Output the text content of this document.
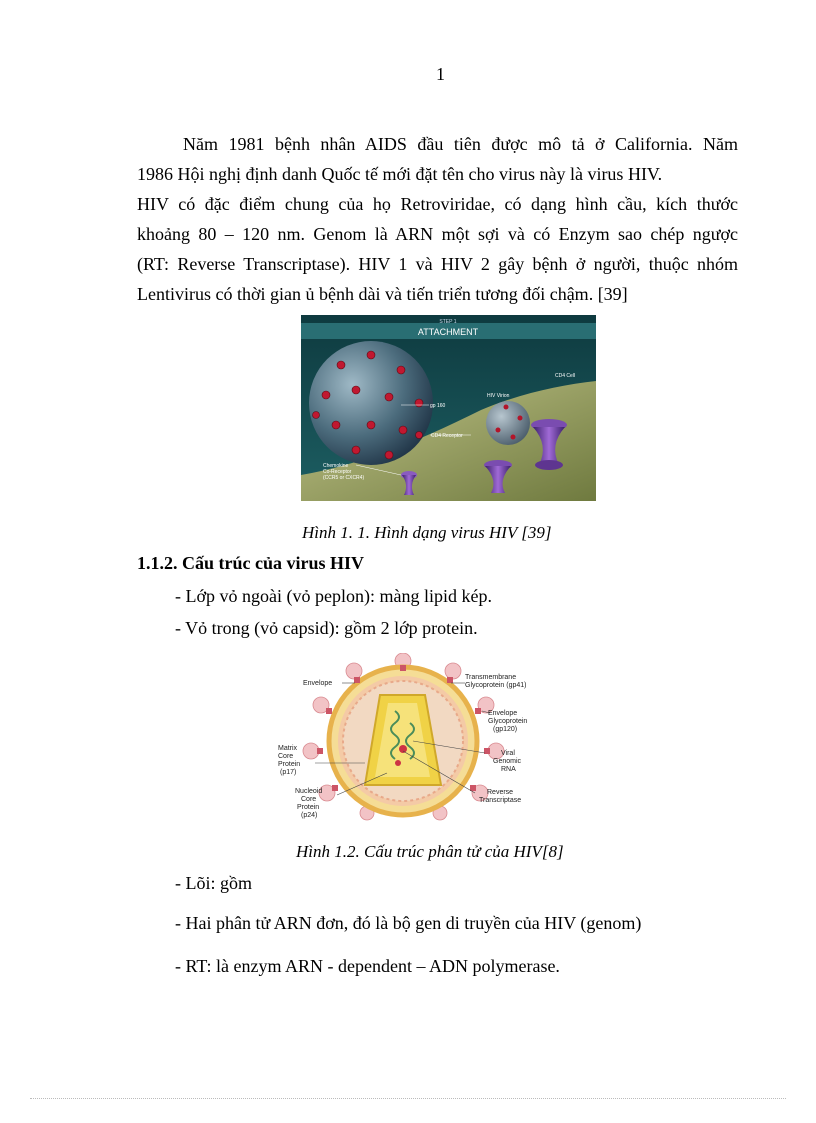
1
Năm 1981 bệnh nhân AIDS đầu tiên được mô tả ở California. Năm
1986 Hội nghị định danh Quốc tế mới đặt tên cho virus này là virus HIV.
HIV có đặc điểm chung của họ Retroviridae, có dạng hình cầu, kích thước
khoảng 80 – 120 nm. Genom là ARN một sợi và có Enzym sao chép ngược
(RT: Reverse Transcriptase). HIV 1 và HIV 2 gây bệnh ở người, thuộc nhóm
Lentivirus có thời gian ủ bệnh dài và tiến triển tương đối chậm. [39]
ATTACHMENT
STEP 1
HIV Virion
gp 160
CD4 Cell
CD4 Receptor
Chemokine
Co-Receptor
(CCR5 or CXCR4)
Hình 1. 1. Hình dạng virus HIV [39]
1.1.2. Cấu trúc của virus HIV
- Lớp vỏ ngoài (vỏ peplon): màng lipid kép.
- Vỏ trong (vỏ capsid): gồm 2 lớp protein.
Envelope
Transmembrane
Glycoprotein (gp41)
Envelope
Glycoprotein
(gp120)
Matrix
Core
Protein
(p17)
Viral
Genomic
RNA
Nucleoid
Core
Protein
(p24)
Reverse
Transcriptase
Hình 1.2. Cấu trúc phân tử của HIV[8]
- Lõi: gồm
- Hai phân tử ARN đơn, đó là bộ gen di truyền của HIV (genom)
- RT: là enzym ARN - dependent – ADN polymerase.
